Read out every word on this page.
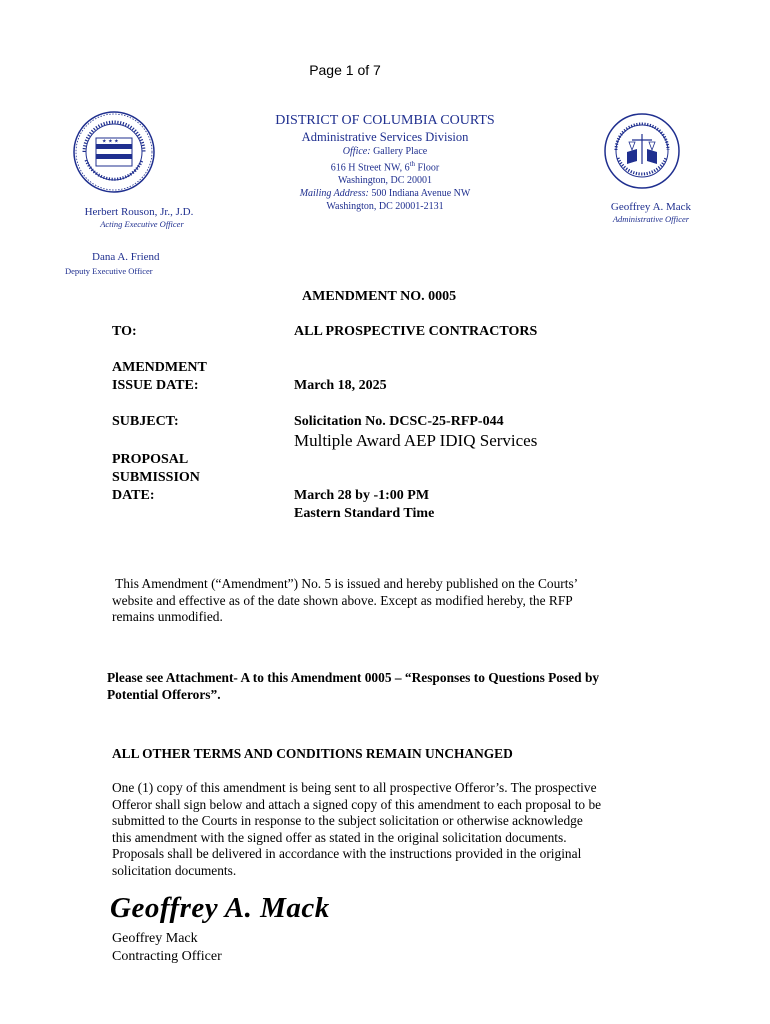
Page 1 of 7
★ ★ ★
DISTRICT OF COLUMBIA COURTS
Administrative Services Division
Office: Gallery Place
616 H Street NW, 6th Floor
Washington, DC 20001
Mailing Address: 500 Indiana Avenue NW
Washington, DC 20001-2131
Herbert Rouson, Jr., J.D.
Acting Executive Officer
Dana A. Friend
Deputy Executive Officer
Geoffrey A. Mack
Administrative Officer
AMENDMENT NO. 0005
TO:	ALL PROSPECTIVE CONTRACTORS
AMENDMENT
ISSUE DATE:	March 18, 2025
SUBJECT:	Solicitation No. DCSC-25-RFP-044
Multiple Award AEP IDIQ Services
PROPOSAL
SUBMISSION
DATE:	March 28 by -1:00 PM
Eastern Standard Time
This Amendment (“Amendment”) No. 5 is issued and hereby published on the Courts’
website and effective as of the date shown above. Except as modified hereby, the RFP
remains unmodified.
Please see Attachment- A to this Amendment 0005 – “Responses to Questions Posed by
Potential Offerors”.
ALL OTHER TERMS AND CONDITIONS REMAIN UNCHANGED
One (1) copy of this amendment is being sent to all prospective Offeror’s. The prospective
Offeror shall sign below and attach a signed copy of this amendment to each proposal to be
submitted to the Courts in response to the subject solicitation or otherwise acknowledge
this amendment with the signed offer as stated in the original solicitation documents.
Proposals shall be delivered in accordance with the instructions provided in the original
solicitation documents.
Geoffrey A. Mack
Geoffrey Mack
Contracting Officer
